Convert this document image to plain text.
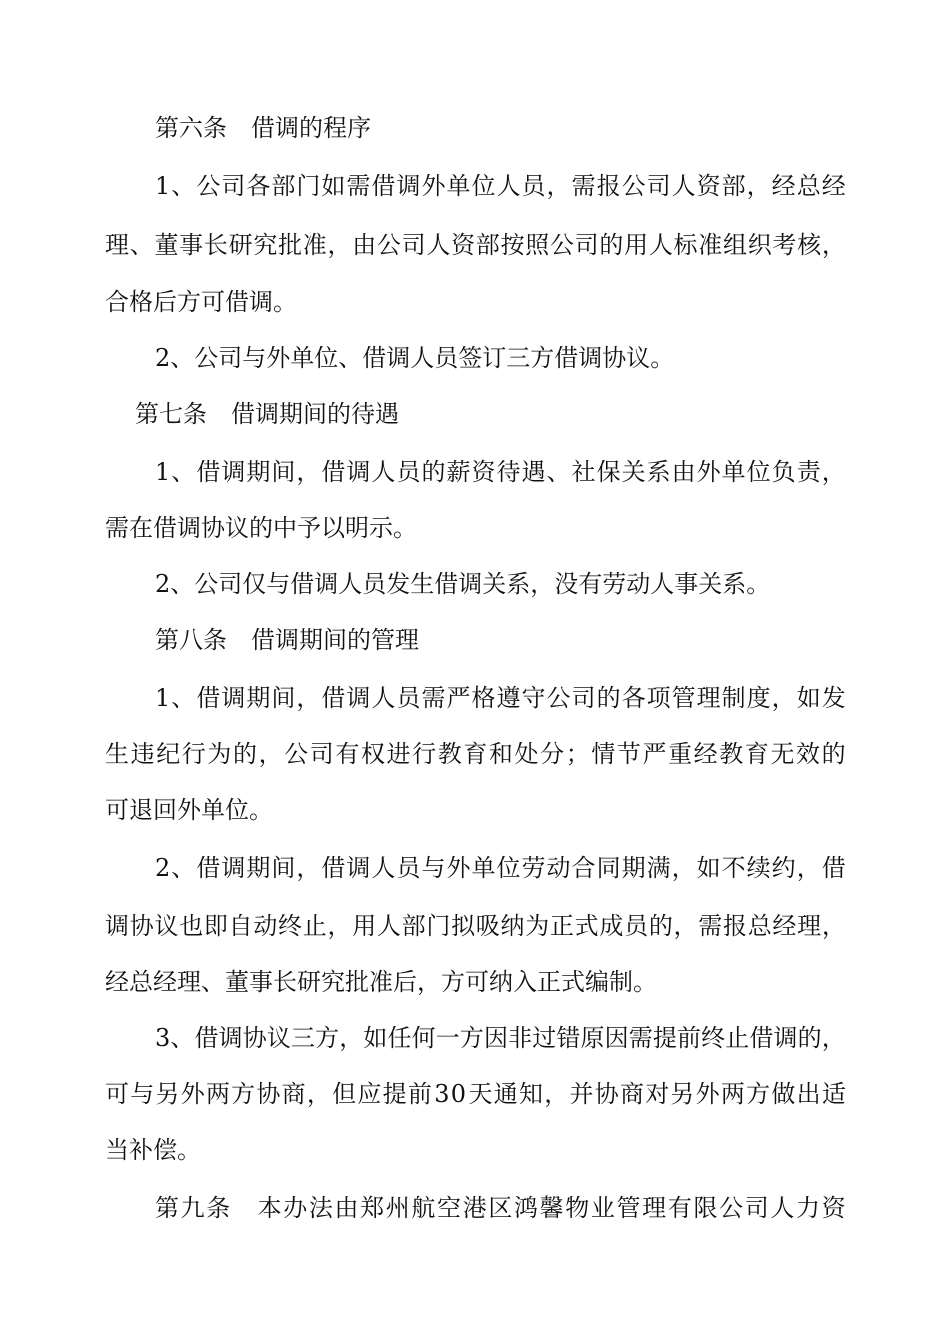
第六条　借调的程序
1 、 公 司 各 部 门 如 需 借 调 外 单 位 人 员 ， 需 报 公 司 人 资 部 ， 经 总 经
理 、 董 事 长 研 究 批 准 ， 由 公 司 人 资 部 按 照 公 司 的 用 人 标 准 组 织 考 核 ，
合格后方可借调。
2、公司与外单位、借调人员签订三方借调协议。
第七条　借调期间的待遇
1 、 借 调 期 间 ， 借 调 人 员 的 薪 资 待 遇 、 社 保 关 系 由 外 单 位 负 责 ，
需在借调协议的中予以明示。
2、公司仅与借调人员发生借调关系，没有劳动人事关系。
第八条　借调期间的管理
1 、 借 调 期 间 ， 借 调 人 员 需 严 格 遵 守 公 司 的 各 项 管 理 制 度 ， 如 发
生 违 纪 行 为 的 ， 公 司 有 权 进 行 教 育 和 处 分 ； 情 节 严 重 经 教 育 无 效 的
可退回外单位。
2 、 借 调 期 间 ， 借 调 人 员 与 外 单 位 劳 动 合 同 期 满 ， 如 不 续 约 ， 借
调 协 议 也 即 自 动 终 止 ， 用 人 部 门 拟 吸 纳 为 正 式 成 员 的 ， 需 报 总 经 理 ，
经总经理、董事长研究批准后，方可纳入正式编制。
3 、 借 调 协 议 三 方 ， 如 任 何 一 方 因 非 过 错 原 因 需 提 前 终 止 借 调 的 ，
可 与 另 外 两 方 协 商 ， 但 应 提 前 3 0 天 通 知 ， 并 协 商 对 另 外 两 方 做 出 适
当补偿。
第 九 条
　 本 办 法 由 郑 州 航 空 港 区 鸿 馨 物 业 管 理 有 限 公 司 人 力 资
